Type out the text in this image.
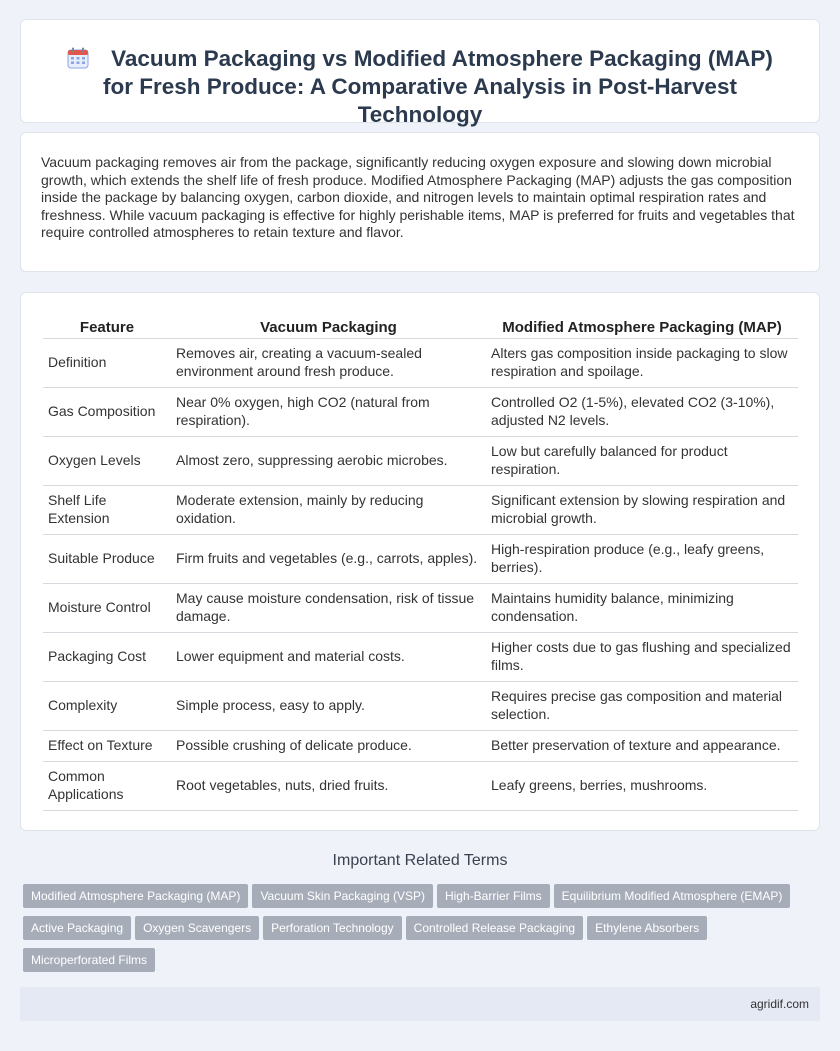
Vacuum Packaging vs Modified Atmosphere Packaging (MAP) for Fresh Produce: A Comparative Analysis in Post-Harvest Technology

Vacuum packaging removes air from the package, significantly reducing oxygen exposure and slowing down microbial growth, which extends the shelf life of fresh produce. Modified Atmosphere Packaging (MAP) adjusts the gas composition inside the package by balancing oxygen, carbon dioxide, and nitrogen levels to maintain optimal respiration rates and freshness. While vacuum packaging is effective for highly perishable items, MAP is preferred for fruits and vegetables that require controlled atmospheres to retain texture and flavor.

Feature	Vacuum Packaging	Modified Atmosphere Packaging (MAP)
Definition	Removes air, creating a vacuum-sealed environment around fresh produce.	Alters gas composition inside packaging to slow respiration and spoilage.
Gas Composition	Near 0% oxygen, high CO2 (natural from respiration).	Controlled O2 (1-5%), elevated CO2 (3-10%), adjusted N2 levels.
Oxygen Levels	Almost zero, suppressing aerobic microbes.	Low but carefully balanced for product respiration.
Shelf Life Extension	Moderate extension, mainly by reducing oxidation.	Significant extension by slowing respiration and microbial growth.
Suitable Produce	Firm fruits and vegetables (e.g., carrots, apples).	High-respiration produce (e.g., leafy greens, berries).
Moisture Control	May cause moisture condensation, risk of tissue damage.	Maintains humidity balance, minimizing condensation.
Packaging Cost	Lower equipment and material costs.	Higher costs due to gas flushing and specialized films.
Complexity	Simple process, easy to apply.	Requires precise gas composition and material selection.
Effect on Texture	Possible crushing of delicate produce.	Better preservation of texture and appearance.
Common Applications	Root vegetables, nuts, dried fruits.	Leafy greens, berries, mushrooms.
Important Related Terms
Modified Atmosphere Packaging (MAP) Vacuum Skin Packaging (VSP) High-Barrier Films Equilibrium Modified Atmosphere (EMAP)
Active Packaging Oxygen Scavengers Perforation Technology Controlled Release Packaging Ethylene Absorbers
Microperforated Films
agridif.com
